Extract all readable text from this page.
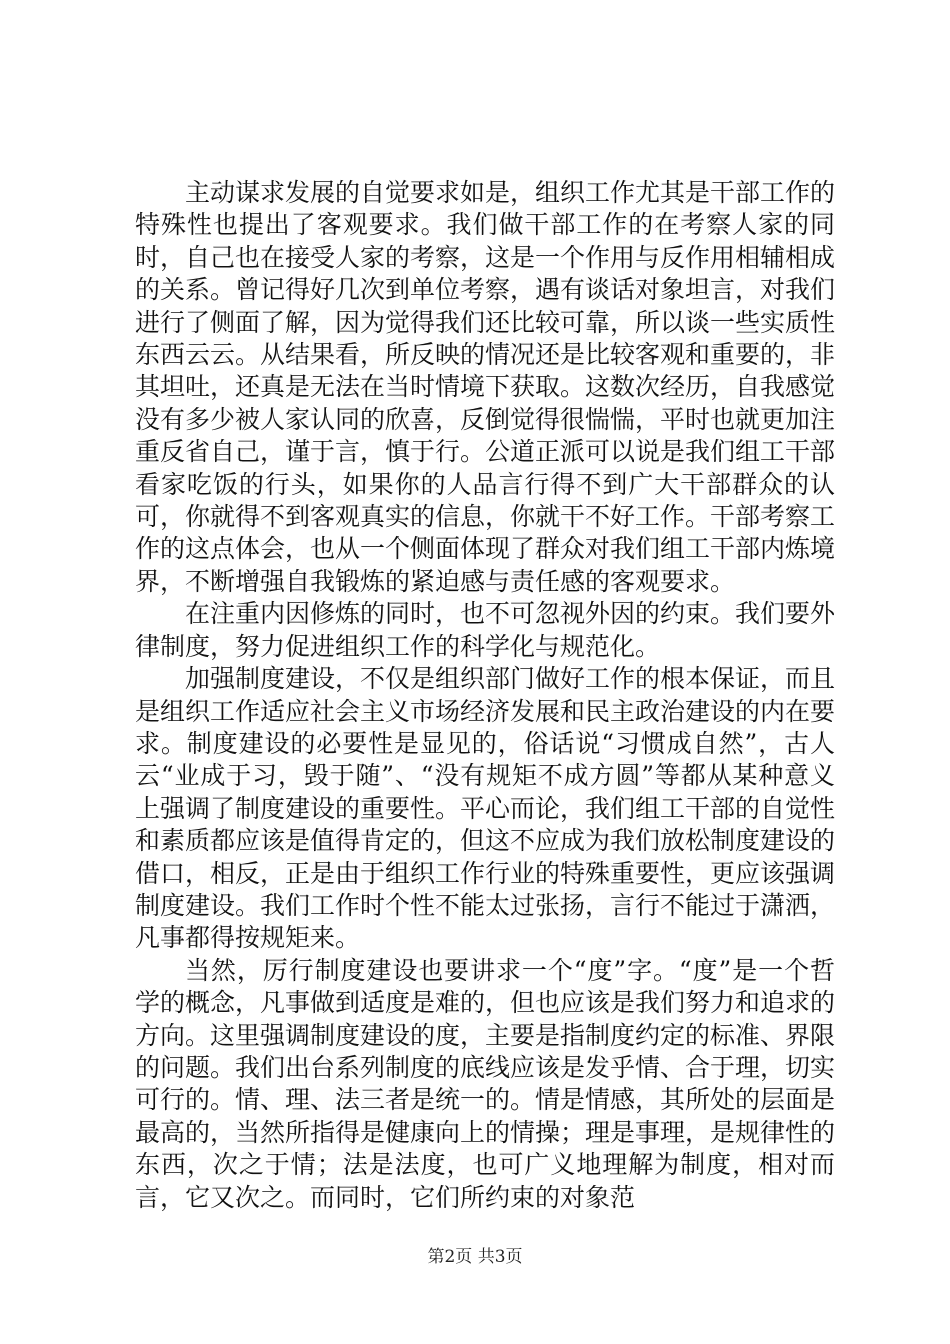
主动谋求发展的自觉要求如是，组织工作尤其是干部工作的特殊性也提出了客观要求。我们做干部工作的在考察人家的同时，自己也在接受人家的考察，这是一个作用与反作用相辅相成的关系。曾记得好几次到单位考察，遇有谈话对象坦言，对我们进行了侧面了解，因为觉得我们还比较可靠，所以谈一些实质性东西云云。从结果看，所反映的情况还是比较客观和重要的，非其坦吐，还真是无法在当时情境下获取。这数次经历，自我感觉没有多少被人家认同的欣喜，反倒觉得很惴惴，平时也就更加注重反省自己，谨于言，慎于行。公道正派可以说是我们组工干部看家吃饭的行头，如果你的人品言行得不到广大干部群众的认可，你就得不到客观真实的信息，你就干不好工作。干部考察工作的这点体会，也从一个侧面体现了群众对我们组工干部内炼境界，不断增强自我锻炼的紧迫感与责任感的客观要求。

在注重内因修炼的同时，也不可忽视外因的约束。我们要外律制度，努力促进组织工作的科学化与规范化。

加强制度建设，不仅是组织部门做好工作的根本保证，而且是组织工作适应社会主义市场经济发展和民主政治建设的内在要求。制度建设的必要性是显见的，俗话说“习惯成自然”，古人云“业成于习，毁于随”、“没有规矩不成方圆”等都从某种意义上强调了制度建设的重要性。平心而论，我们组工干部的自觉性和素质都应该是值得肯定的，但这不应成为我们放松制度建设的借口，相反，正是由于组织工作行业的特殊重要性，更应该强调制度建设。我们工作时个性不能太过张扬，言行不能过于潇洒，凡事都得按规矩来。

当然，厉行制度建设也要讲求一个“度”字。“度”是一个哲学的概念，凡事做到适度是难的，但也应该是我们努力和追求的方向。这里强调制度建设的度，主要是指制度约定的标准、界限的问题。我们出台系列制度的底线应该是发乎情、合于理，切实可行的。情、理、法三者是统一的。情是情感，其所处的层面是最高的，当然所指得是健康向上的情操；理是事理，是规律性的东西，次之于情；法是法度，也可广义地理解为制度，相对而言，它又次之。而同时，它们所约束的对象范

第2页 共3页
